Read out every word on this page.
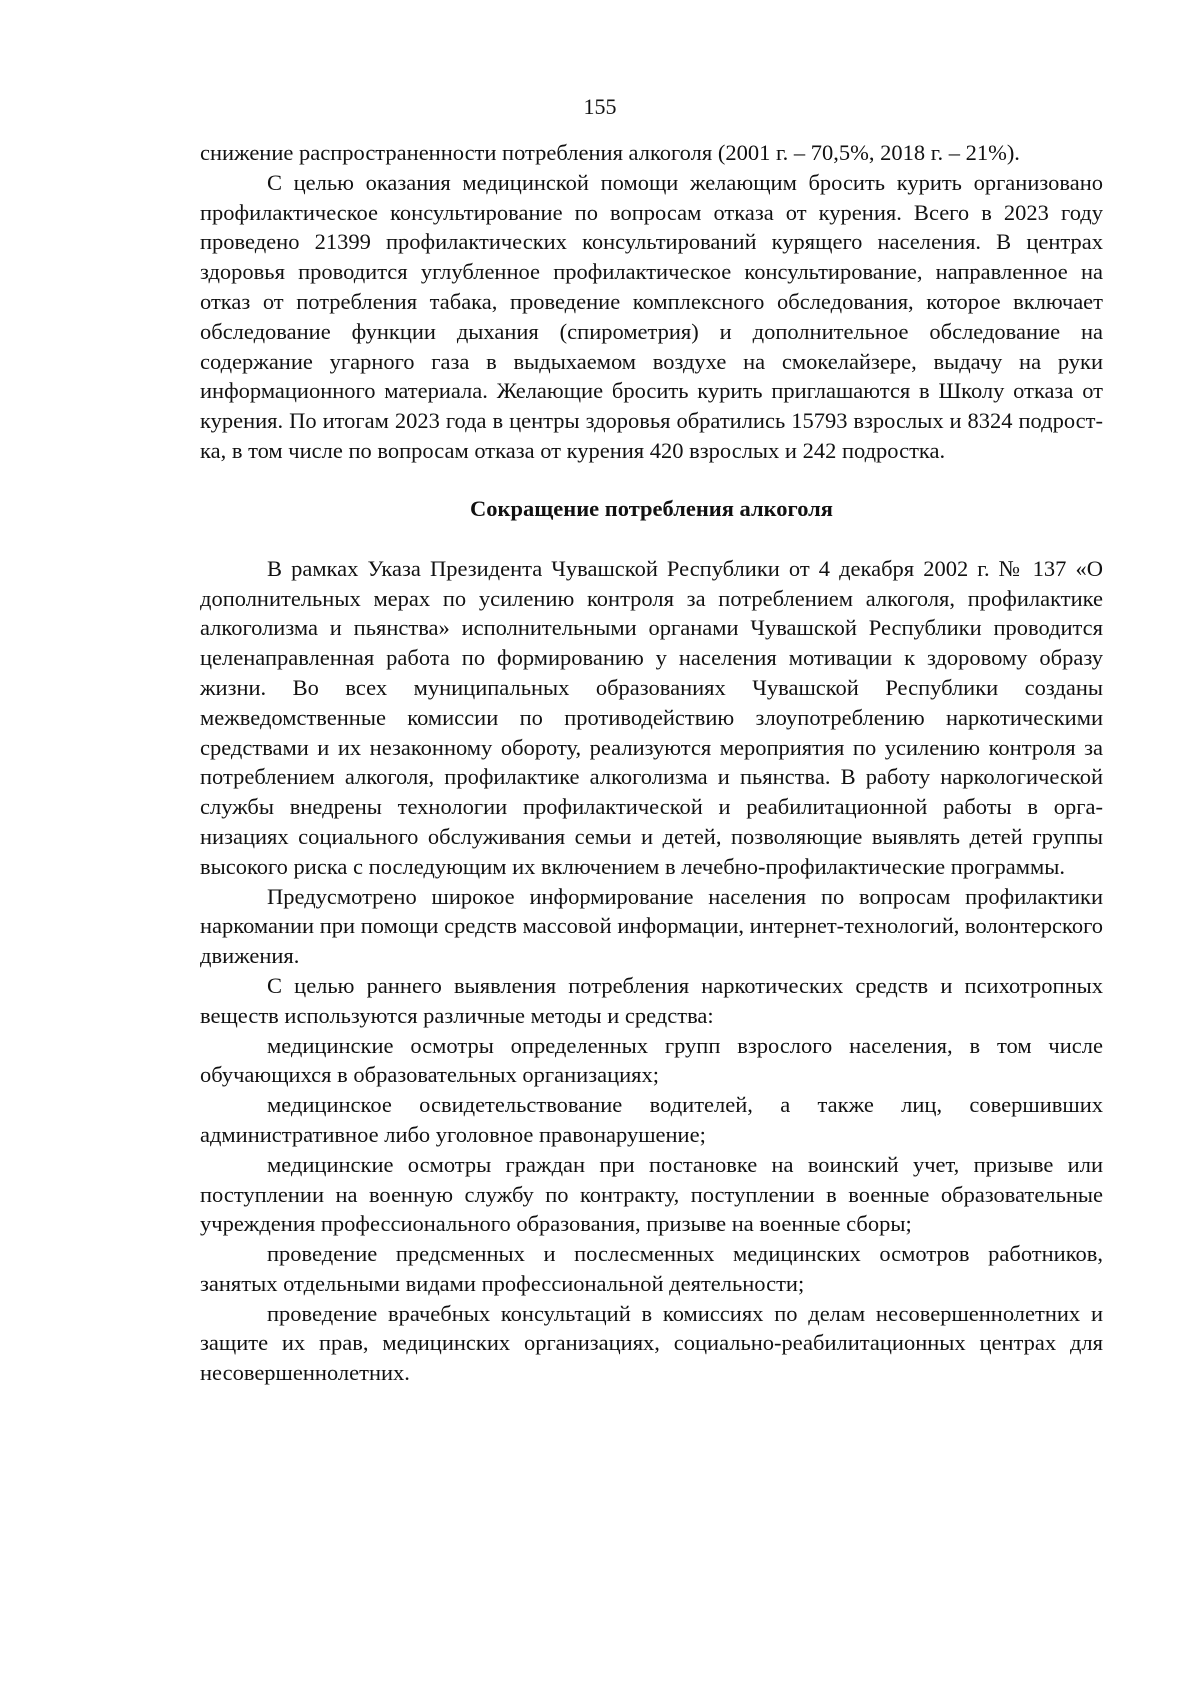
155

снижение распространенности потребления алкоголя (2001 г. – 70,5%, 2018 г. – 21%).

С целью оказания медицинской помощи желающим бросить курить организовано профилактическое консультирование по вопросам отказа от курения. Всего в 2023 году проведено 21399 профилактических консультирований курящего населения. В центрах здоровья проводится углубленное профилактическое консультирование, направленное на отказ от потребления табака, проведение комплексного обследования, которое включает обследование функции дыхания (спирометрия) и дополнительное обследование на содержание угарного газа в выдыхаемом воздухе на смокелайзере, выдачу на руки информационного материала. Желающие бросить курить приглашаются в Школу отказа от курения. По итогам 2023 года в центры здоровья обратились 15793 взрослых и 8324 подростка, в том числе по вопросам отказа от курения 420 взрослых и 242 подростка.

Сокращение потребления алкоголя

В рамках Указа Президента Чувашской Республики от 4 декабря 2002 г. № 137 «О дополнительных мерах по усилению контроля за потреблением алкоголя, профилактике алкоголизма и пьянства» исполнительными органами Чувашской Республики проводится целенаправленная работа по формированию у населения мотивации к здоровому образу жизни. Во всех муниципальных образованиях Чувашской Республики созданы межведомственные комиссии по противодействию злоупотреблению наркотическими средствами и их незаконному обороту, реализуются мероприятия по усилению контроля за потреблением алкоголя, профилактике алкоголизма и пьянства. В работу наркологической службы внедрены технологии профилактической и реабилитационной работы в организациях социального обслуживания семьи и детей, позволяющие выявлять детей группы высокого риска с последующим их включением в лечебно-профилактические программы.

Предусмотрено широкое информирование населения по вопросам профилактики наркомании при помощи средств массовой информации, интернет-технологий, волонтерского движения.

С целью раннего выявления потребления наркотических средств и психотропных веществ используются различные методы и средства:

медицинские осмотры определенных групп взрослого населения, в том числе обучающихся в образовательных организациях;

медицинское освидетельствование водителей, а также лиц, совершивших административное либо уголовное правонарушение;

медицинские осмотры граждан при постановке на воинский учет, призыве или поступлении на военную службу по контракту, поступлении в военные образовательные учреждения профессионального образования, призыве на военные сборы;

проведение предсменных и послесменных медицинских осмотров работников, занятых отдельными видами профессиональной деятельности;

проведение врачебных консультаций в комиссиях по делам несовершеннолетних и защите их прав, медицинских организациях, социально-реабилитационных центрах для несовершеннолетних.
